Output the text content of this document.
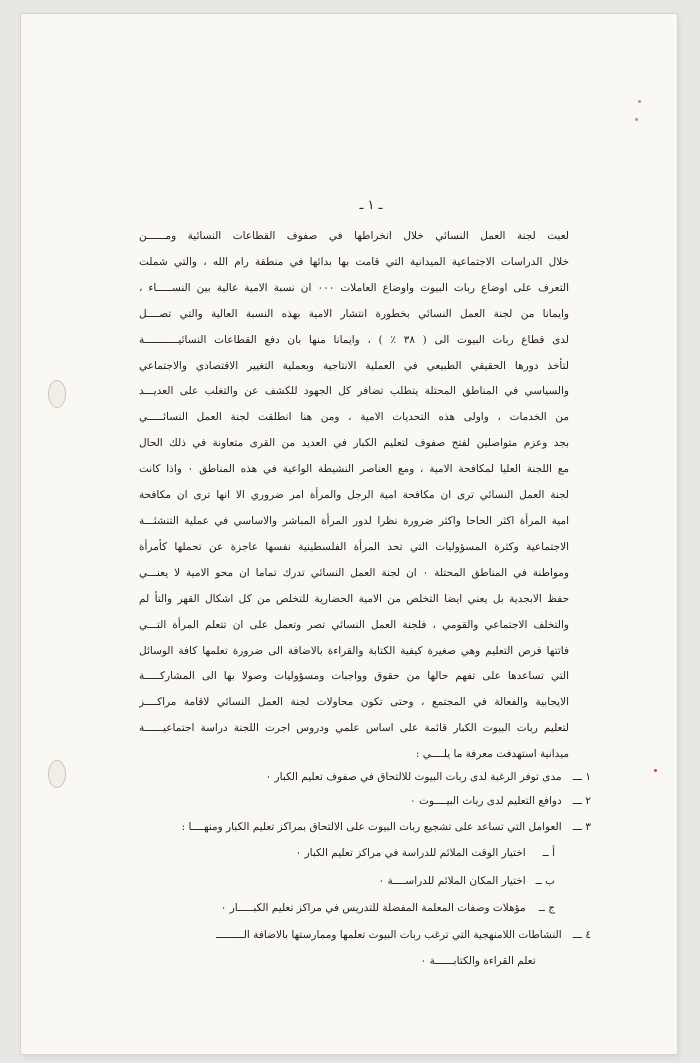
ـ ١ ـ
لعبت لجنة العمل النسائي خلال انخراطها في صفوف القطاعات النسائية ومــــــن
خلال الدراسات الاجتماعية الميدانية التي قامت بها بدائها في منطقة رام الله ، والتي شملت
التعرف على اوضاع ربات البيوت واوضاع العاملات ٠٠٠ ان نسبة الامية عالية بين النســـــاء ،
وايمانا من لجنة العمل النسائي بخطورة انتشار الامية بهذه النسبة العالية والتي تصــــل
لدى قطاع ربات البيوت الى ( ٣٨ ٪ ) ، وايمانا منها بان دفع القطاعات النسائيـــــــــــة
لتأخذ دورها الحقيقي الطبيعي في العملية الانتاجية وبعملية التغيير الاقتصادي والاجتماعي
والسياسي في المناطق المحتلة يتطلب تضافر كل الجهود للكشف عن والتغلب على العديـــد
من الخدمات ، واولى هذه التحديات الامية ، ومن هنا انطلقت لجنة العمل النسائـــــي
بجد وعزم متواصلين لفتح صفوف لتعليم الكبار في العديد من القرى متعاونة في ذلك الحال
مع اللجنة العليا لمكافحة الامية ، ومع العناصر النشيطة الواعية في هذه المناطق ٠ واذا كانت
لجنة العمل النسائي ترى ان مكافحة امية الرجل والمرأة امر ضروري الا انها ترى ان مكافحة
امية المرأة اكثر الحاحا واكثر ضرورة نظرا لدور المرأة المباشر والاساسي في عملية التنشئـــة
الاجتماعية وكثرة المسؤوليات التي تحد المرأة الفلسطينية نفسها عاجزة عن تحملها كأمرأة
ومواطنة في المناطق المحتلة ٠ ان لجنة العمل النسائي تدرك تماما ان محو الامية لا يعنـــي
حفظ الابجدية بل يعني ايضا التخلص من الامية الحضارية للتخلص من كل اشكال القهر والتأ لم
والتخلف الاجتماعي والقومي ، فلجنة العمل النسائي تصر وتعمل على ان تتعلم المرأة التـــي
فاتتها فرص التعليم وهي صغيرة كيفية الكتابة والقراءة بالاضافة الى ضرورة تعلمها كافة الوسائل
التي تساعدها على تفهم حالها من حقوق وواجبات ومسؤوليات وصولا بها الى المشاركـــــة
الايجابية والفعالة في المجتمع ، وحتى تكون محاولات لجنة العمل النسائي لاقامة مراكــــز
لتعليم ربات البيوت الكبار قائمة على اساس علمي ودروس اجرت اللجنة دراسة اجتماعيــــــة
ميدانية استهدفت معرفة ما يلــــي :
١ ـــ مدى توفر الرغبة لدى ربات البيوت للالتحاق في صفوف تعليم الكبار ٠
٢ ـــ دوافع التعليم لدى ربات البيــــوت ٠
٣ ـــ العوامل التي تساعد على تشجيع ربات البيوت على الالتحاق بمراكز تعليم الكبار ومنهــــا :
أ ــ اختيار الوقت الملائم للدراسة في مراكز تعليم الكبار ٠
ب ــ اختيار المكان الملائم للدراســــة ٠
ج ــ مؤهلات وصفات المعلمة المفضلة للتدريس في مراكز تعليم الكبـــــار ٠
٤ ـــ النشاطات اللامنهجية التي ترغب ربات البيوت تعلمها وممارستها بالاضافة الـــــــــ
تعلم القراءة والكتابــــــة ٠
